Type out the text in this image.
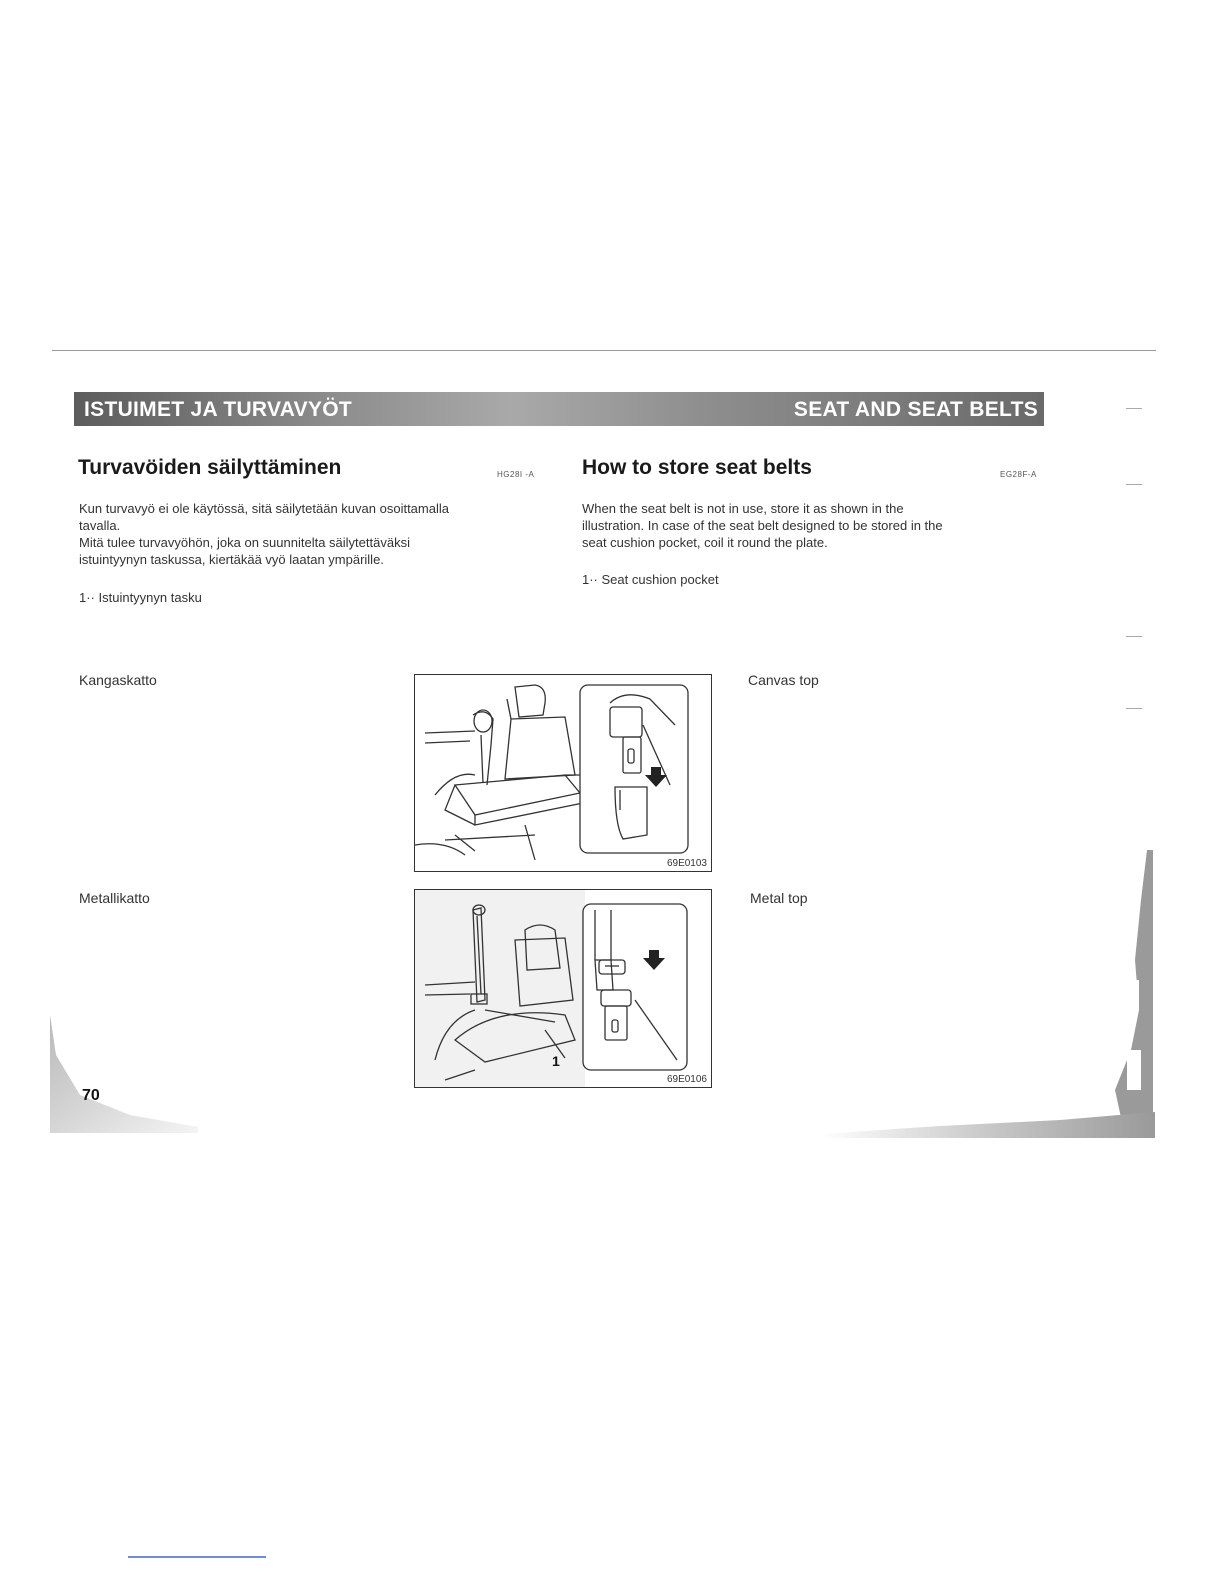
ISTUIMET JA TURVAVYÖT	SEAT AND SEAT BELTS
Turvavöiden säilyttäminen	HG28I -A
Kun turvavyö ei ole käytössä, sitä säilytetään kuvan osoittamalla
tavalla.
Mitä tulee turvavyöhön, joka on suunnitelta säilytettäväksi
istuintyynyn taskussa, kiertäkää vyö laatan ympärille.
1·· Istuintyynyn tasku
How to store seat belts	EG28F-A
When the seat belt is not in use, store it as shown in the
illustration. In case of the seat belt designed to be stored in the
seat cushion pocket, coil it round the plate.
1·· Seat cushion pocket
Kangaskatto	Canvas top
Metallikatto	Metal top
69E0103
1
69E0106
70
